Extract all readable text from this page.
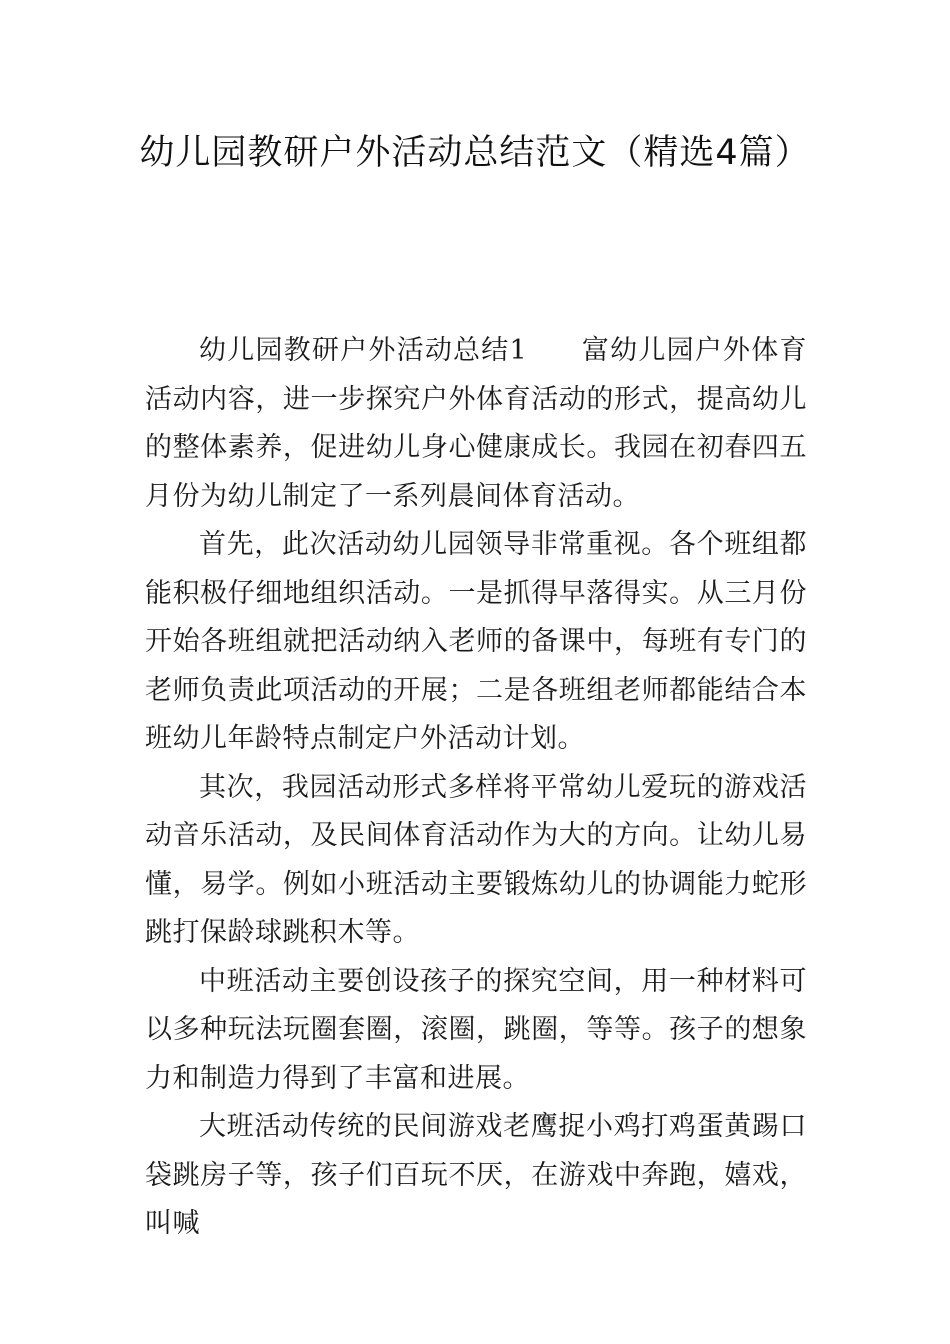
幼儿园教研户外活动总结范文（精选4篇）

幼儿园教研户外活动总结1 富幼儿园户外体育活动内容，进一步探究户外体育活动的形式，提高幼儿的整体素养，促进幼儿身心健康成长。我园在初春四五月份为幼儿制定了一系列晨间体育活动。

首先，此次活动幼儿园领导非常重视。各个班组都能积极仔细地组织活动。一是抓得早落得实。从三月份开始各班组就把活动纳入老师的备课中，每班有专门的老师负责此项活动的开展；二是各班组老师都能结合本班幼儿年龄特点制定户外活动计划。

其次，我园活动形式多样将平常幼儿爱玩的游戏活动音乐活动，及民间体育活动作为大的方向。让幼儿易懂，易学。例如小班活动主要锻炼幼儿的协调能力蛇形跳打保龄球跳积木等。

中班活动主要创设孩子的探究空间，用一种材料可以多种玩法玩圈套圈，滚圈，跳圈，等等。孩子的想象力和制造力得到了丰富和进展。

大班活动传统的民间游戏老鹰捉小鸡打鸡蛋黄踢口袋跳房子等，孩子们百玩不厌，在游戏中奔跑，嬉戏，叫喊
